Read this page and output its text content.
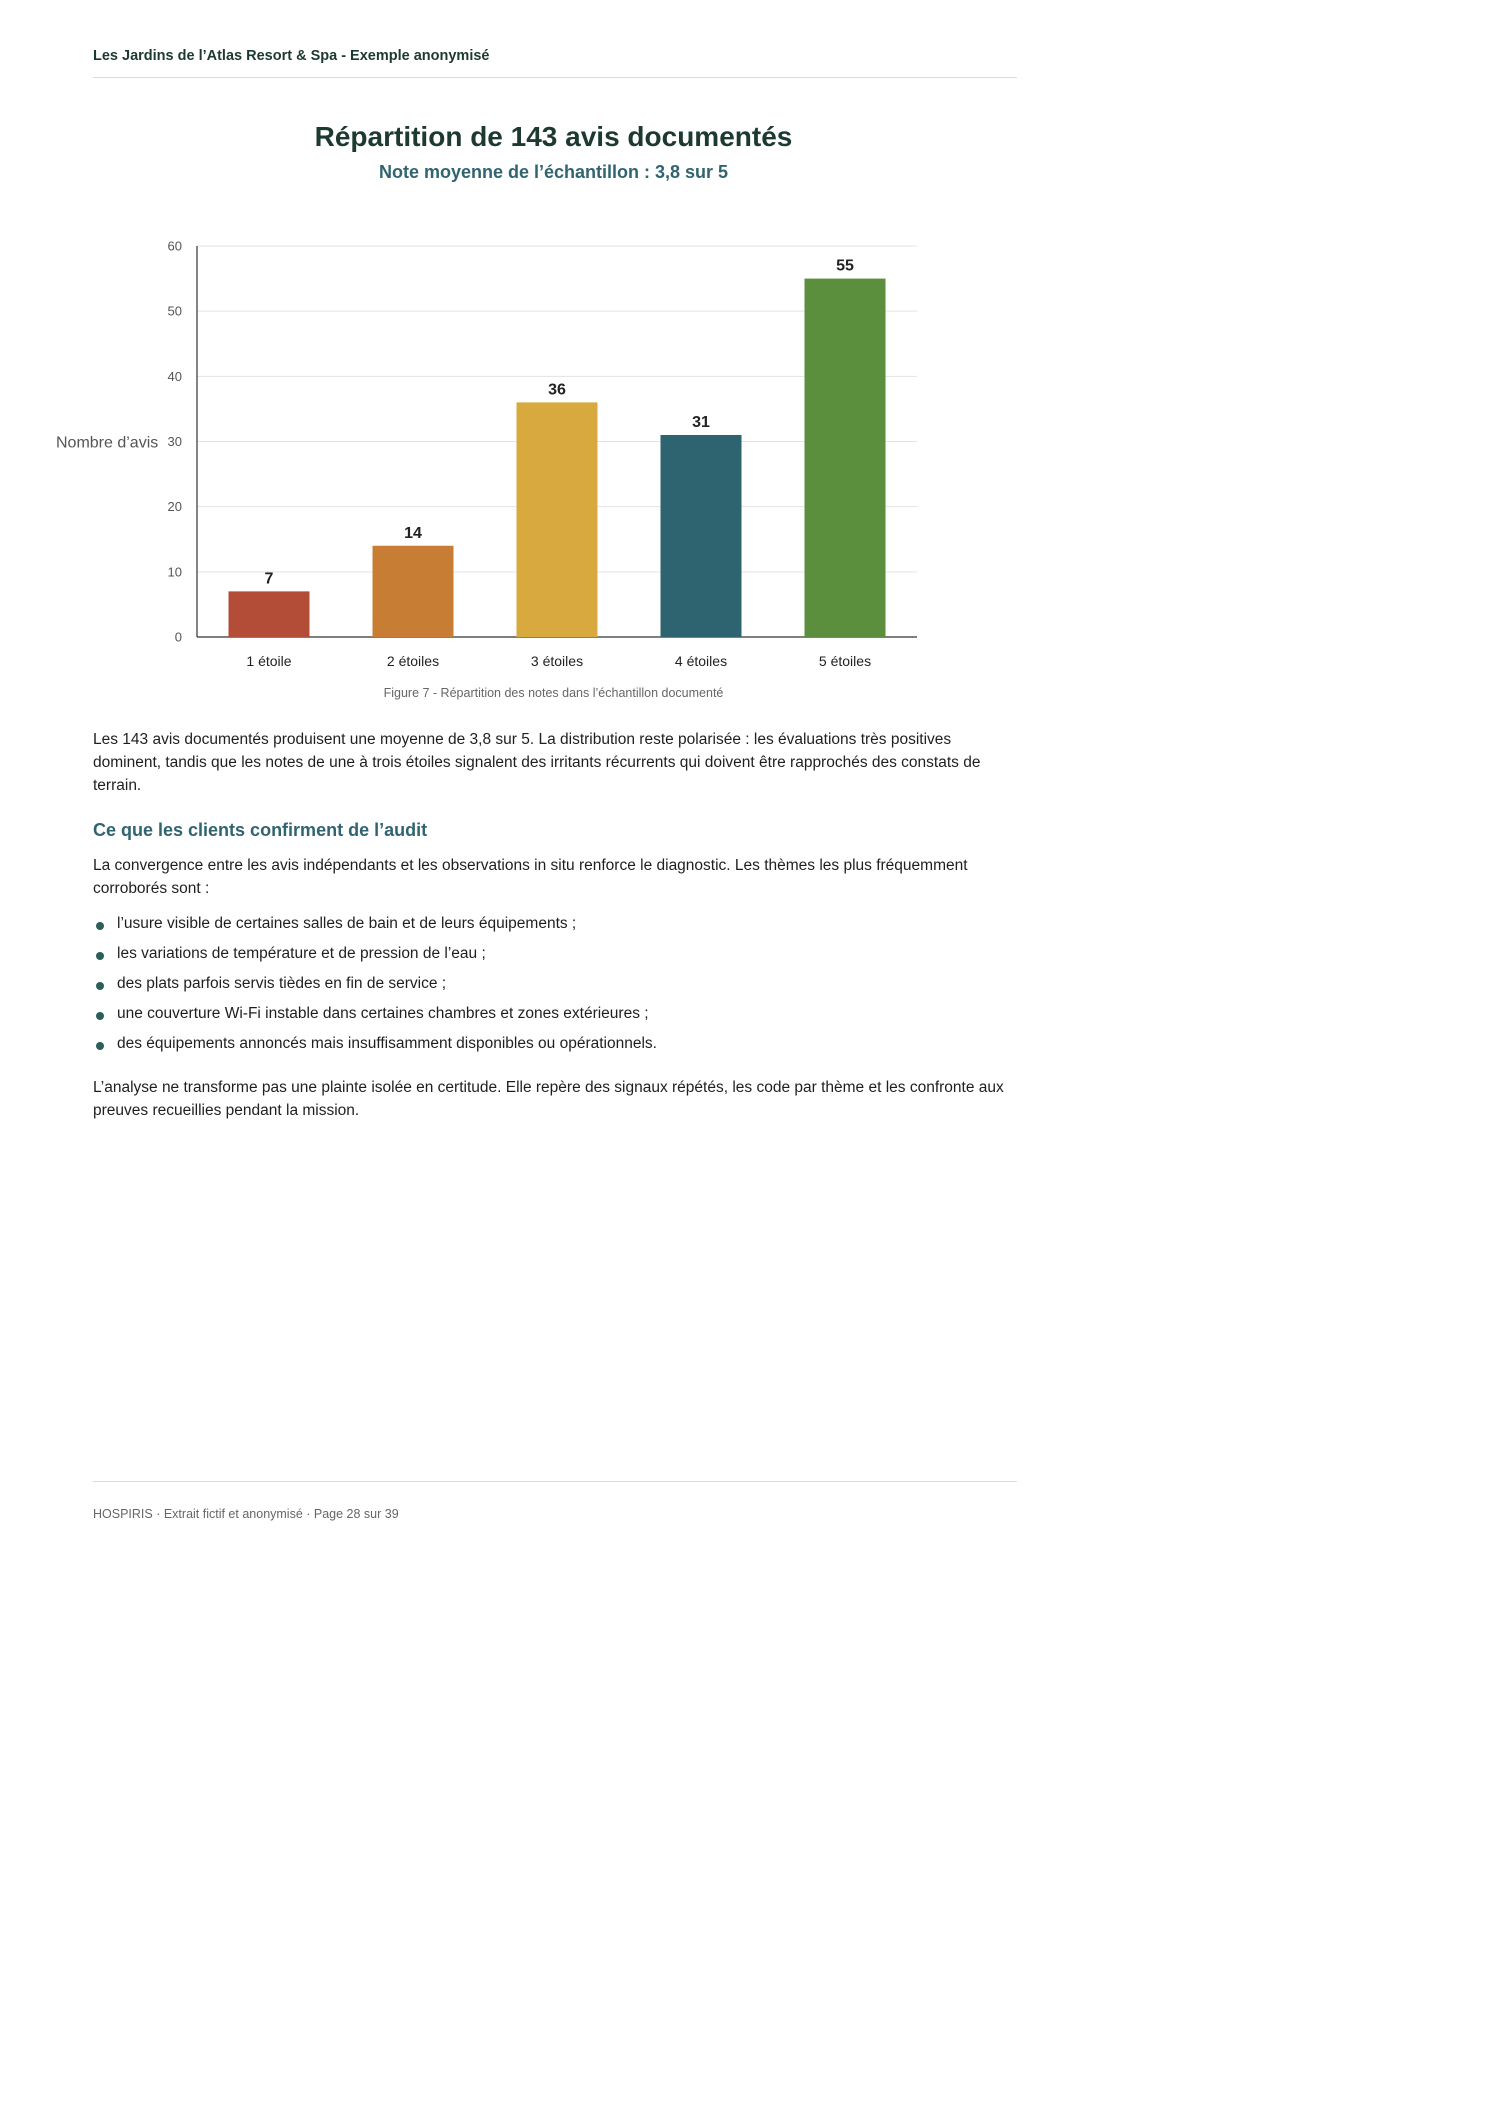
Les Jardins de l’Atlas Resort & Spa - Exemple anonymisé
Répartition de 143 avis documentés
Note moyenne de l’échantillon : 3,8 sur 5
0
10
20
30
40
50
60
Nombre d’avis
7
1 étoile
14
2 étoiles
36
3 étoiles
31
4 étoiles
55
5 étoiles
Figure 7 - Répartition des notes dans l’échantillon documenté

Les 143 avis documentés produisent une moyenne de 3,8 sur 5. La distribution reste polarisée : les évaluations très positives dominent, tandis que les notes de une à trois étoiles signalent des irritants récurrents qui doivent être rapprochés des constats de terrain.

Ce que les clients confirment de l’audit

La convergence entre les avis indépendants et les observations in situ renforce le diagnostic. Les thèmes les plus fréquemment corroborés sont :

l’usure visible de certaines salles de bain et de leurs équipements ;
les variations de température et de pression de l’eau ;
des plats parfois servis tièdes en fin de service ;
une couverture Wi-Fi instable dans certaines chambres et zones extérieures ;
des équipements annoncés mais insuffisamment disponibles ou opérationnels.

L’analyse ne transforme pas une plainte isolée en certitude. Elle repère des signaux répétés, les code par thème et les confronte aux preuves recueillies pendant la mission.

HOSPIRIS · Extrait fictif et anonymisé · Page 28 sur 39
